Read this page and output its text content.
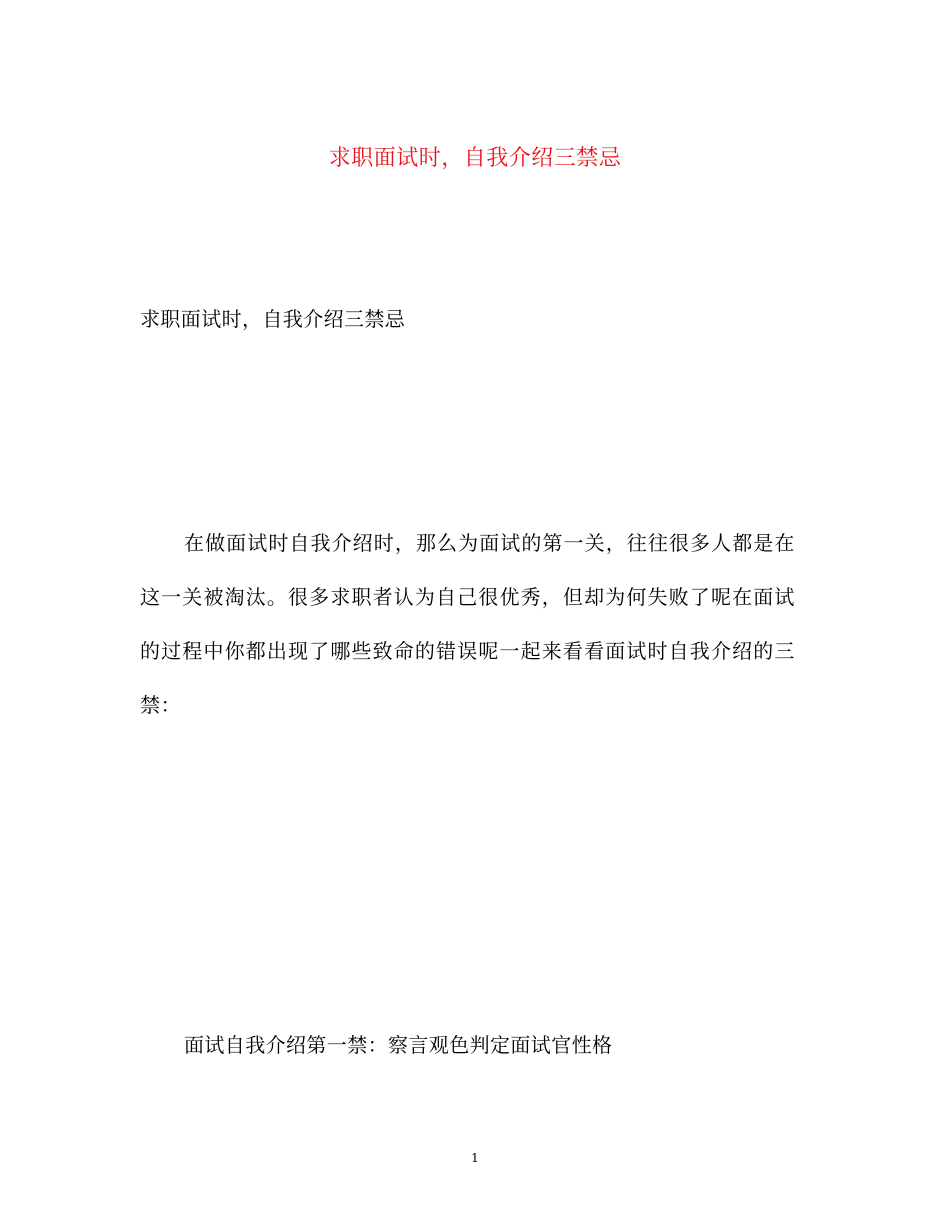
求职面试时，自我介绍三禁忌
求职面试时，自我介绍三禁忌

在做面试时自我介绍时，那么为面试的第一关，往往很多人都是在这一关被淘汰。很多求职者认为自己很优秀，但却为何失败了呢在面试的过程中你都出现了哪些致命的错误呢一起来看看面试时自我介绍的三禁：

面试自我介绍第一禁：察言观色判定面试官性格
1
